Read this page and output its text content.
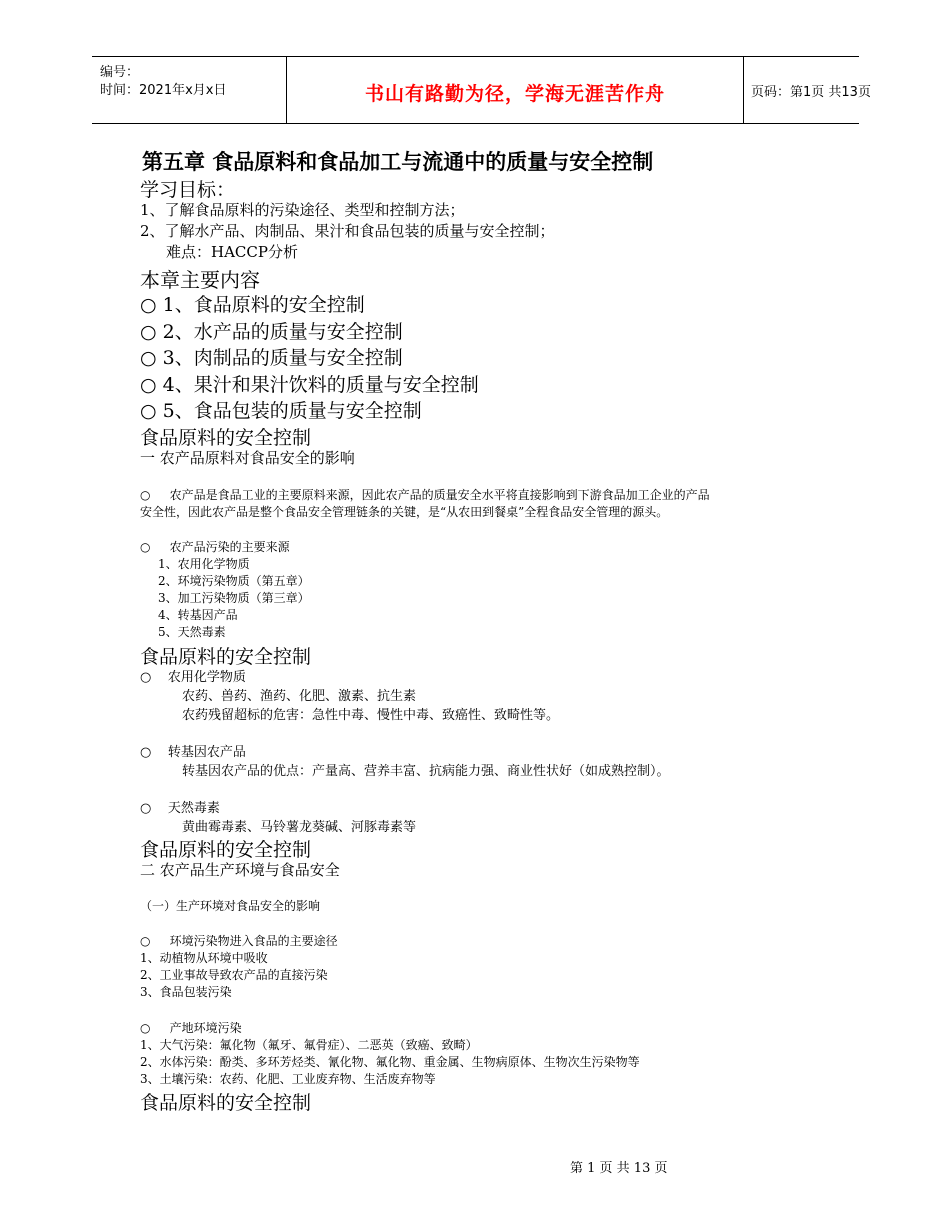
编号：
时间：2021年x月x日	书山有路勤为径，学海无涯苦作舟	页码：第1页 共13页
第五章 食品原料和食品加工与流通中的质量与安全控制
学习目标：
1、了解食品原料的污染途径、类型和控制方法；
2、了解水产品、肉制品、果汁和食品包装的质量与安全控制；
难点：HACCP分析
本章主要内容
○ 1、食品原料的安全控制
○ 2、水产品的质量与安全控制
○ 3、肉制品的质量与安全控制
○ 4、果汁和果汁饮料的质量与安全控制
○ 5、食品包装的质量与安全控制
食品原料的安全控制
一 农产品原料对食品安全的影响
○ 农产品是食品工业的主要原料来源，因此农产品的质量安全水平将直接影响到下游食品加工企业的产品
安全性，因此农产品是整个食品安全管理链条的关键，是“从农田到餐桌”全程食品安全管理的源头。
○ 农产品污染的主要来源
1、农用化学物质
2、环境污染物质（第五章）
3、加工污染物质（第三章）
4、转基因产品
5、天然毒素
食品原料的安全控制
○ 农用化学物质
农药、兽药、渔药、化肥、激素、抗生素
农药残留超标的危害：急性中毒、慢性中毒、致癌性、致畸性等。
○ 转基因农产品
转基因农产品的优点：产量高、营养丰富、抗病能力强、商业性状好（如成熟控制）。
○ 天然毒素
黄曲霉毒素、马铃薯龙葵碱、河豚毒素等
食品原料的安全控制
二 农产品生产环境与食品安全
（一）生产环境对食品安全的影响
○ 环境污染物进入食品的主要途径
1、动植物从环境中吸收
2、工业事故导致农产品的直接污染
3、食品包装污染
○ 产地环境污染
1、大气污染：氟化物（氟牙、氟骨症）、二恶英（致癌、致畸）
2、水体污染：酚类、多环芳烃类、氰化物、氟化物、重金属、生物病原体、生物次生污染物等
3、土壤污染：农药、化肥、工业废弃物、生活废弃物等
食品原料的安全控制
第 1 页 共 13 页
